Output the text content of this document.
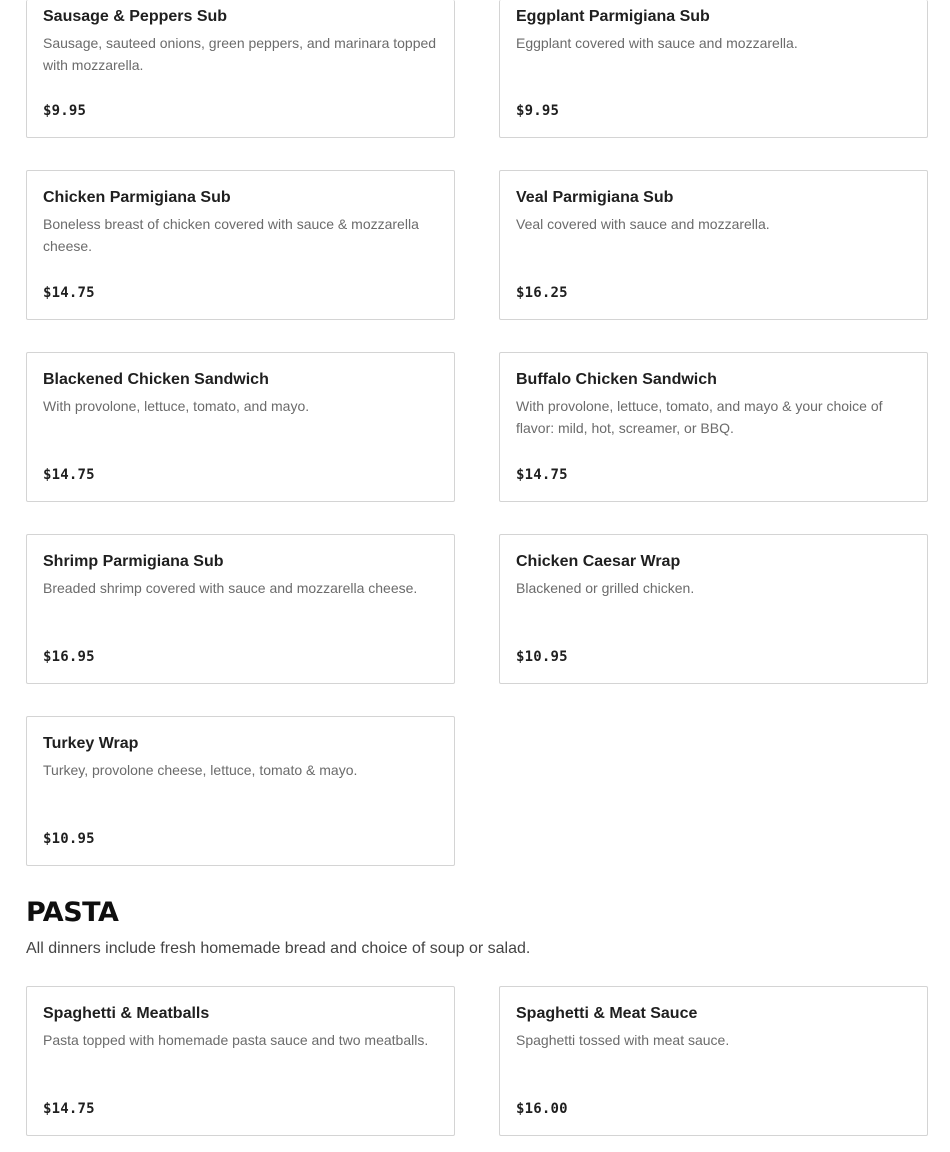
Sausage & Peppers Sub
Sausage, sauteed onions, green peppers, and marinara topped with mozzarella.
$9.95
Eggplant Parmigiana Sub
Eggplant covered with sauce and mozzarella.
$9.95
Chicken Parmigiana Sub
Boneless breast of chicken covered with sauce & mozzarella cheese.
$14.75
Veal Parmigiana Sub
Veal covered with sauce and mozzarella.
$16.25
Blackened Chicken Sandwich
With provolone, lettuce, tomato, and mayo.
$14.75
Buffalo Chicken Sandwich
With provolone, lettuce, tomato, and mayo & your choice of flavor: mild, hot, screamer, or BBQ.
$14.75
Shrimp Parmigiana Sub
Breaded shrimp covered with sauce and mozzarella cheese.
$16.95
Chicken Caesar Wrap
Blackened or grilled chicken.
$10.95
Turkey Wrap
Turkey, provolone cheese, lettuce, tomato & mayo.
$10.95
PASTA

All dinners include fresh homemade bread and choice of soup or salad.

Spaghetti & Meatballs
Pasta topped with homemade pasta sauce and two meatballs.
$14.75
Spaghetti & Meat Sauce
Spaghetti tossed with meat sauce.
$16.00
